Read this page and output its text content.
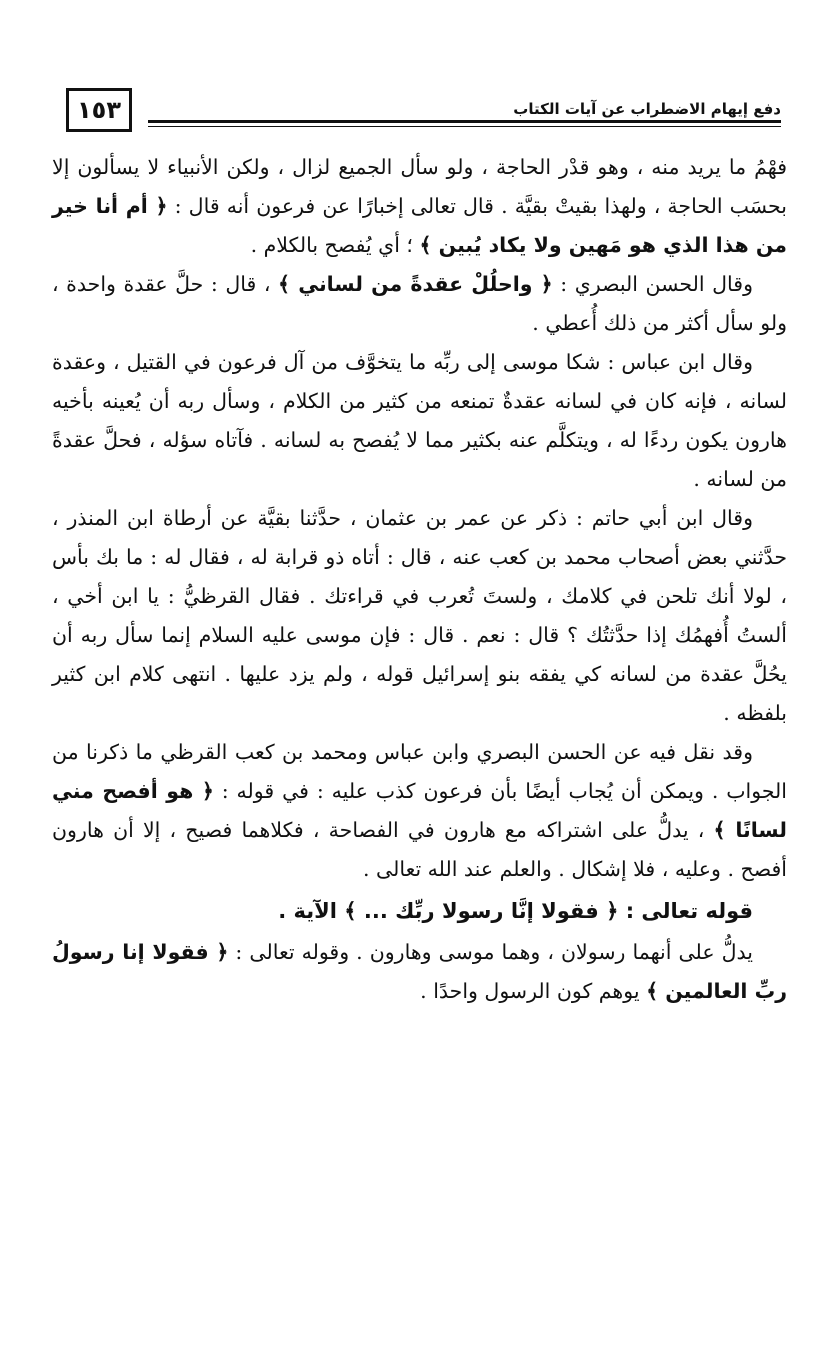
١٥٣	دفع إيهام الاضطراب عن آيات الكتاب

فهْمُ ما يريد منه ، وهو قدْر الحاجة ، ولو سأل الجميع لزال ، ولكن الأنبياء لا يسألون إلا بحسَب الحاجة ، ولهذا بقيتْ بقيَّة . قال تعالى إخبارًا عن فرعون أنه قال : ﴿ أم أنا خير من هذا الذي هو مَهين ولا يكاد يُبين ﴾ ؛ أي يُفصح بالكلام .

وقال الحسن البصري : ﴿ واحلُلْ عقدةً من لساني ﴾ ، قال : حلَّ عقدة واحدة ، ولو سأل أكثر من ذلك أُعطي .

وقال ابن عباس : شكا موسى إلى ربِّه ما يتخوَّف من آل فرعون في القتيل ، وعقدة لسانه ، فإنه كان في لسانه عقدةٌ تمنعه من كثير من الكلام ، وسأل ربه أن يُعينه بأخيه هارون يكون ردءًا له ، ويتكلَّم عنه بكثير مما لا يُفصح به لسانه . فآتاه سؤله ، فحلَّ عقدةً من لسانه .

وقال ابن أبي حاتم : ذكر عن عمر بن عثمان ، حدَّثنا بقيَّة عن أرطاة ابن المنذر ، حدَّثني بعض أصحاب محمد بن كعب عنه ، قال : أتاه ذو قرابة له ، فقال له : ما بك بأس ، لولا أنك تلحن في كلامك ، ولستَ تُعرب في قراءتك . فقال القرظيُّ : يا ابن أخي ، ألستُ أُفهمُك إذا حدَّثتُك ؟ قال : نعم . قال : فإن موسى عليه السلام إنما سأل ربه أن يحُلَّ عقدة من لسانه كي يفقه بنو إسرائيل قوله ، ولم يزد عليها . انتهى كلام ابن كثير بلفظه .

وقد نقل فيه عن الحسن البصري وابن عباس ومحمد بن كعب القرظي ما ذكرنا من الجواب . ويمكن أن يُجاب أيضًا بأن فرعون كذب عليه : في قوله : ﴿ هو أفصح مني لسانًا ﴾ ، يدلُّ على اشتراكه مع هارون في الفصاحة ، فكلاهما فصيح ، إلا أن هارون أفصح . وعليه ، فلا إشكال . والعلم عند الله تعالى .

قوله تعالى : ﴿ فقولا إنَّا رسولا ربِّك ... ﴾ الآية .

يدلُّ على أنهما رسولان ، وهما موسى وهارون . وقوله تعالى : ﴿ فقولا إنا رسولُ ربِّ العالمين ﴾ يوهم كون الرسول واحدًا .
